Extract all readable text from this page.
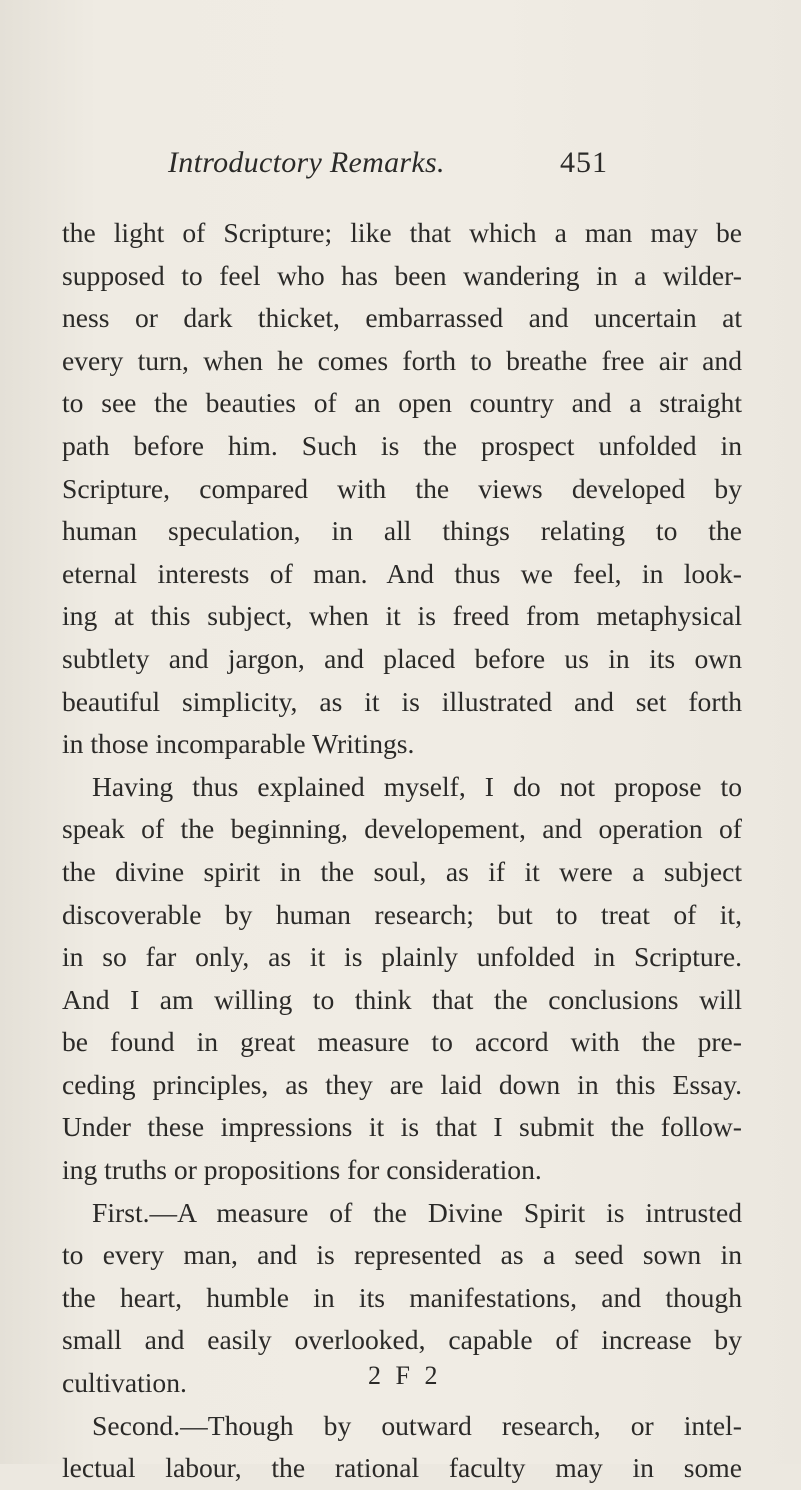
Introductory Remarks.	451
the light of Scripture; like that which a man may be
supposed to feel who has been wandering in a wilder-
ness or dark thicket, embarrassed and uncertain at
every turn, when he comes forth to breathe free air and
to see the beauties of an open country and a straight
path before him. Such is the prospect unfolded in
Scripture, compared with the views developed by
human speculation, in all things relating to the
eternal interests of man. And thus we feel, in look-
ing at this subject, when it is freed from metaphysical
subtlety and jargon, and placed before us in its own
beautiful simplicity, as it is illustrated and set forth
in those incomparable Writings.
Having thus explained myself, I do not propose to
speak of the beginning, developement, and operation of
the divine spirit in the soul, as if it were a subject
discoverable by human research; but to treat of it,
in so far only, as it is plainly unfolded in Scripture.
And I am willing to think that the conclusions will
be found in great measure to accord with the pre-
ceding principles, as they are laid down in this Essay.
Under these impressions it is that I submit the follow-
ing truths or propositions for consideration.
First.—A measure of the Divine Spirit is intrusted
to every man, and is represented as a seed sown in
the heart, humble in its manifestations, and though
small and easily overlooked, capable of increase by
cultivation.
Second.—Though by outward research, or intel-
lectual labour, the rational faculty may in some
2 F 2
